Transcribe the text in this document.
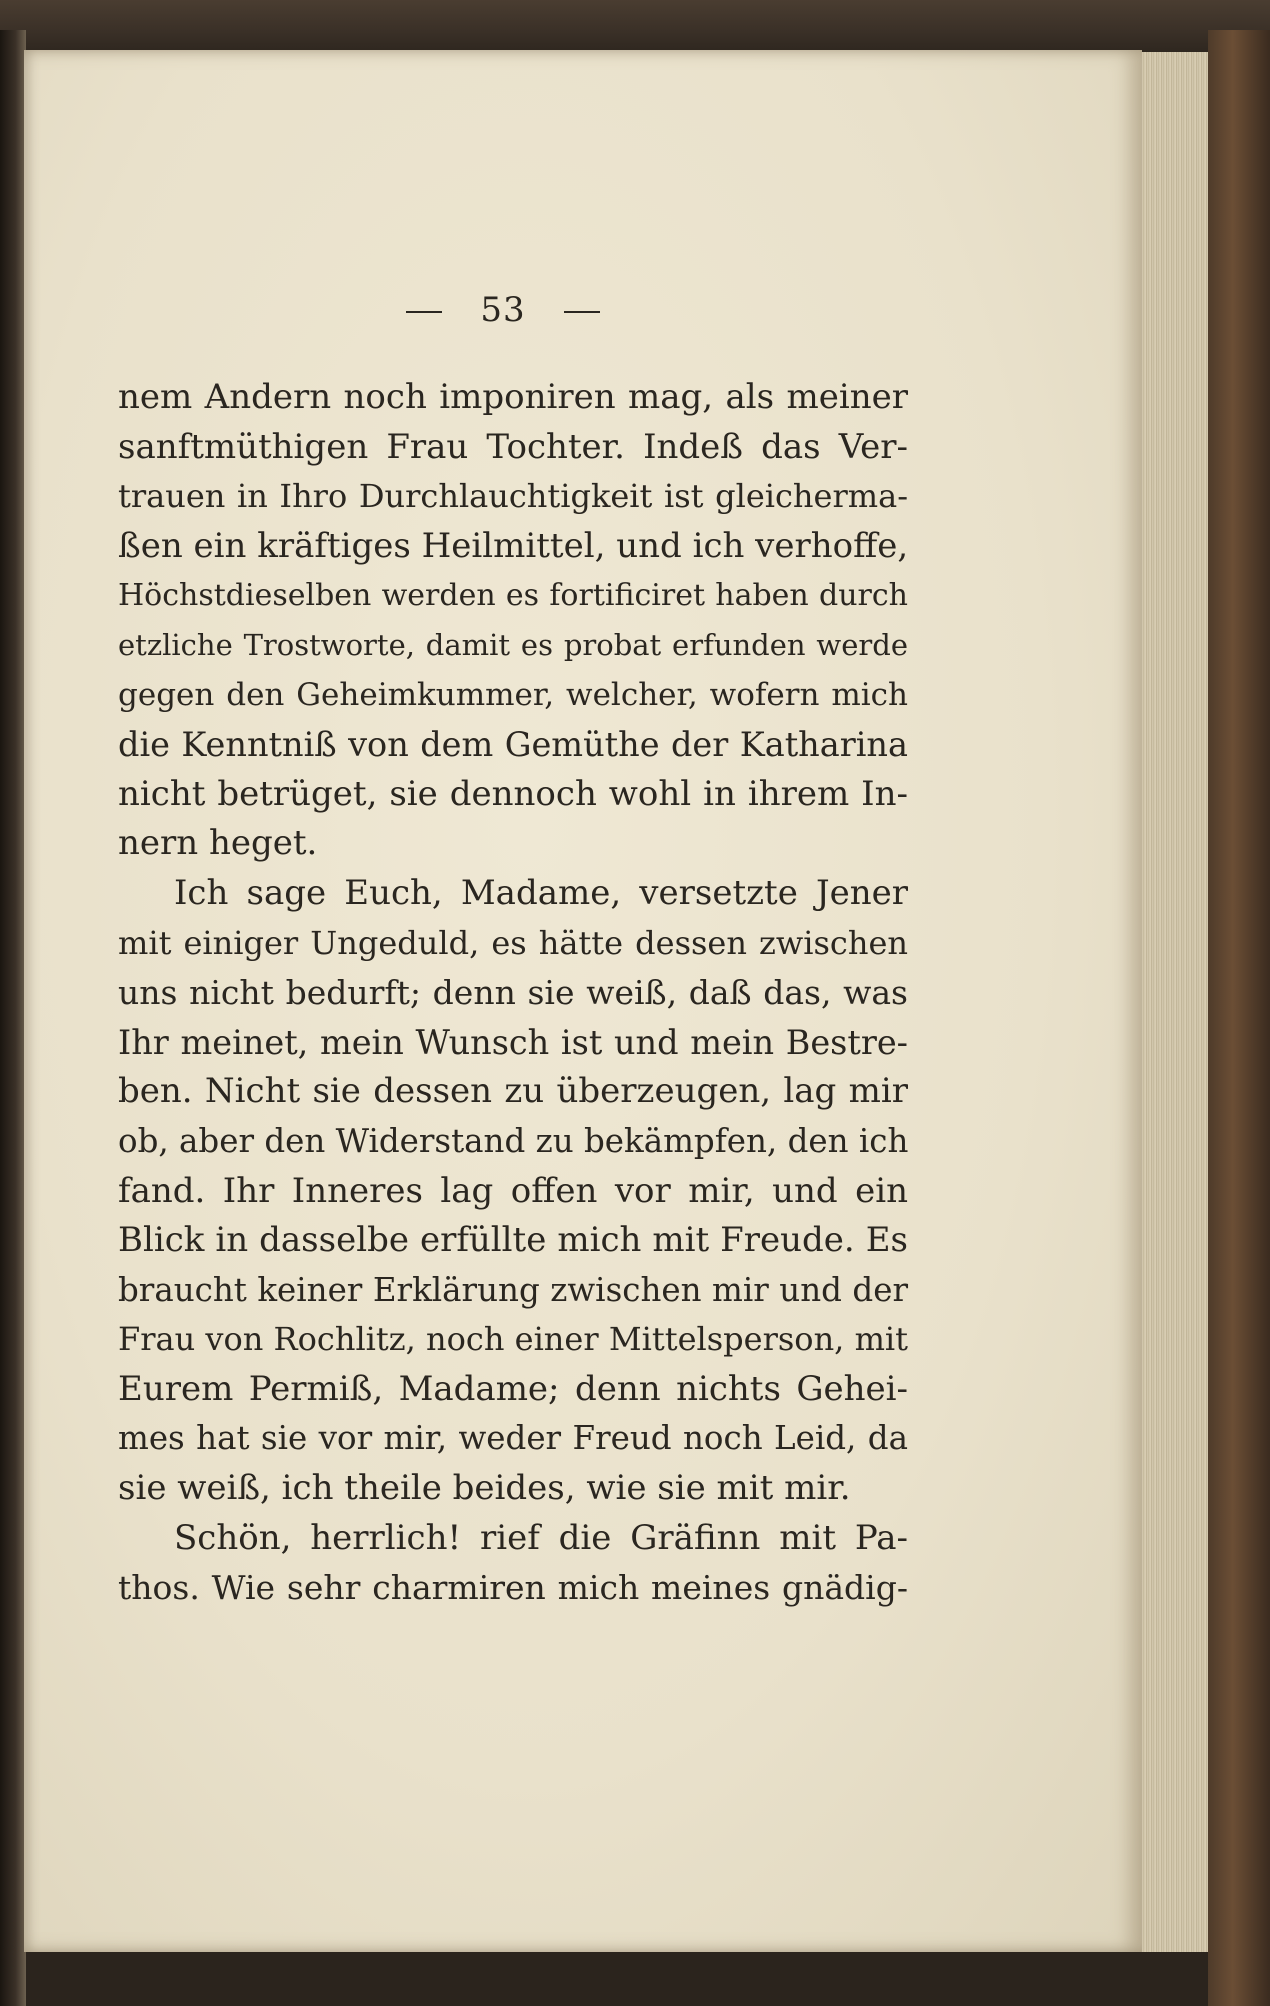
53
nem Andern noch imponiren mag, als meiner
sanftmüthigen Frau Tochter. Indeß das Ver-
trauen in Ihro Durchlauchtigkeit ist gleicherma-
ßen ein kräftiges Heilmittel, und ich verhoffe,
Höchstdieselben werden es fortificiret haben durch
etzliche Trostworte, damit es probat erfunden werde
gegen den Geheimkummer, welcher, wofern mich
die Kenntniß von dem Gemüthe der Katharina
nicht betrüget, sie dennoch wohl in ihrem In-
nern heget.
Ich sage Euch, Madame, versetzte Jener
mit einiger Ungeduld, es hätte dessen zwischen
uns nicht bedurft; denn sie weiß, daß das, was
Ihr meinet, mein Wunsch ist und mein Bestre-
ben. Nicht sie dessen zu überzeugen, lag mir
ob, aber den Widerstand zu bekämpfen, den ich
fand. Ihr Inneres lag offen vor mir, und ein
Blick in dasselbe erfüllte mich mit Freude. Es
braucht keiner Erklärung zwischen mir und der
Frau von Rochlitz, noch einer Mittelsperson, mit
Eurem Permiß, Madame; denn nichts Gehei-
mes hat sie vor mir, weder Freud noch Leid, da
sie weiß, ich theile beides, wie sie mit mir.
Schön, herrlich! rief die Gräfinn mit Pa-
thos. Wie sehr charmiren mich meines gnädig-
